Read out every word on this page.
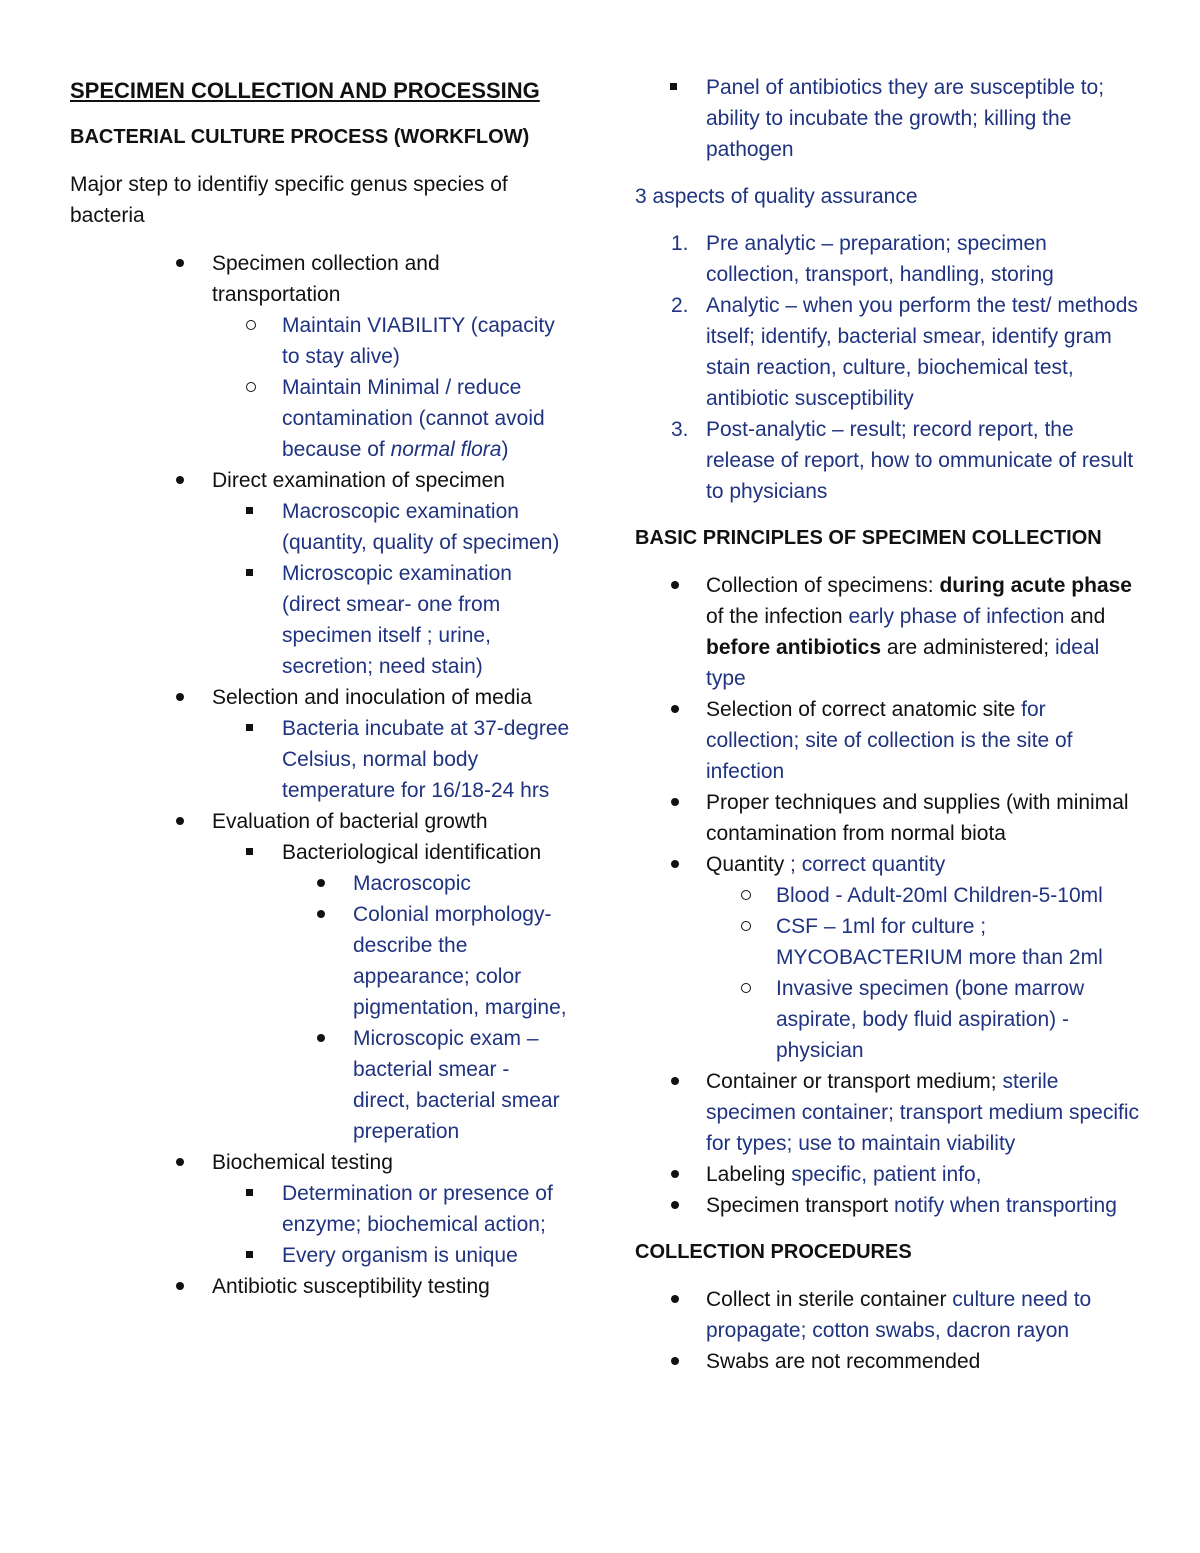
SPECIMEN COLLECTION AND PROCESSING

BACTERIAL CULTURE PROCESS (WORKFLOW)

Major step to identifiy specific genus species of bacteria

Specimen collection and transportation
Maintain VIABILITY (capacity to stay alive)
Maintain Minimal / reduce contamination (cannot avoid because of normal flora)
Direct examination of specimen
Macroscopic examination (quantity, quality of specimen)
Microscopic examination (direct smear- one from specimen itself ; urine, secretion; need stain)
Selection and inoculation of media
Bacteria incubate at 37-degree Celsius, normal body temperature for 16/18-24 hrs
Evaluation of bacterial growth
Bacteriological identification
Macroscopic
Colonial morphology- describe the appearance; color pigmentation, margine,
Microscopic exam – bacterial smear - direct, bacterial smear preperation
Biochemical testing
Determination or presence of enzyme; biochemical action;
Every organism is unique
Antibiotic susceptibility testing
Panel of antibiotics they are susceptible to; ability to incubate the growth; killing the pathogen

3 aspects of quality assurance

1. Pre analytic – preparation; specimen collection, transport, handling, storing
2. Analytic – when you perform the test/ methods itself; identify, bacterial smear, identify gram stain reaction, culture, biochemical test, antibiotic susceptibility
3. Post-analytic – result; record report, the release of report, how to ommunicate of result to physicians

BASIC PRINCIPLES OF SPECIMEN COLLECTION

Collection of specimens: during acute phase of the infection early phase of infection and before antibiotics are administered; ideal type
Selection of correct anatomic site for collection; site of collection is the site of infection
Proper techniques and supplies (with minimal contamination from normal biota
Quantity ; correct quantity
Blood - Adult-20ml Children-5-10ml
CSF – 1ml for culture ; MYCOBACTERIUM more than 2ml
Invasive specimen (bone marrow aspirate, body fluid aspiration) - physician
Container or transport medium; sterile specimen container; transport medium specific for types; use to maintain viability
Labeling specific, patient info,
Specimen transport notify when transporting

COLLECTION PROCEDURES

Collect in sterile container culture need to propagate; cotton swabs, dacron rayon
Swabs are not recommended
